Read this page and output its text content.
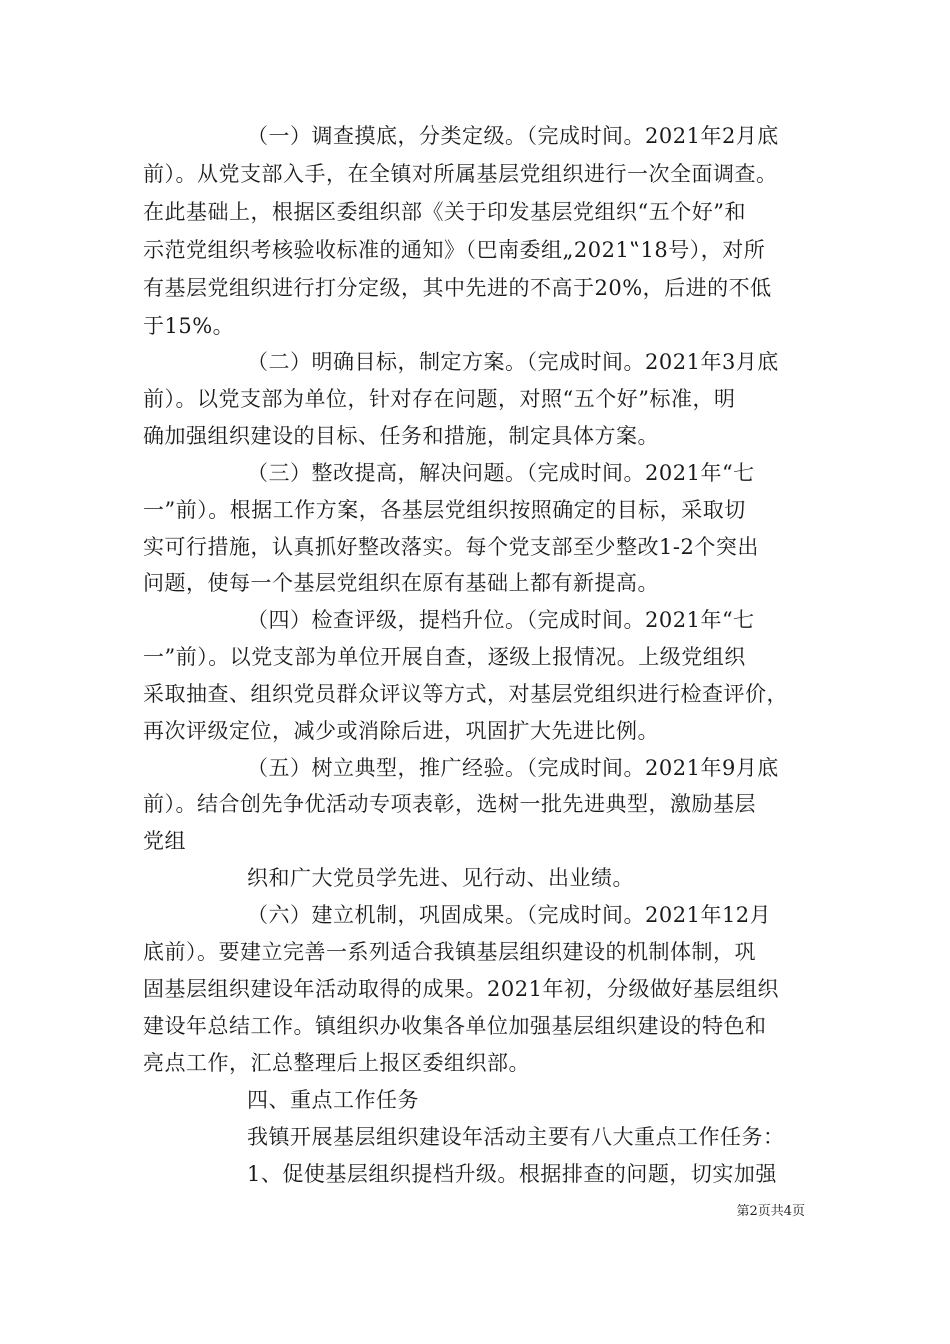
（一）调查摸底，分类定级。（完成时间。2021年2月底
前）。从党支部入手，在全镇对所属基层党组织进行一次全面调查。
在此基础上，根据区委组织部《关于印发基层党组织“五个好”和
示范党组织考核验收标准的通知》（巴南委组„2021‟18号），对所
有基层党组织进行打分定级，其中先进的不高于20%，后进的不低
于15%。
（二）明确目标，制定方案。（完成时间。2021年3月底
前）。以党支部为单位，针对存在问题，对照“五个好”标准，明
确加强组织建设的目标、任务和措施，制定具体方案。
（三）整改提高，解决问题。（完成时间。2021年“七
一”前）。根据工作方案，各基层党组织按照确定的目标，采取切
实可行措施，认真抓好整改落实。每个党支部至少整改1-2个突出
问题，使每一个基层党组织在原有基础上都有新提高。
（四）检查评级，提档升位。（完成时间。2021年“七
一”前）。以党支部为单位开展自查，逐级上报情况。上级党组织
采取抽查、组织党员群众评议等方式，对基层党组织进行检查评价，
再次评级定位，减少或消除后进，巩固扩大先进比例。
（五）树立典型，推广经验。（完成时间。2021年9月底
前）。结合创先争优活动专项表彰，选树一批先进典型，激励基层
党组
织和广大党员学先进、见行动、出业绩。
（六）建立机制，巩固成果。（完成时间。2021年12月
底前）。要建立完善一系列适合我镇基层组织建设的机制体制，巩
固基层组织建设年活动取得的成果。2021年初，分级做好基层组织
建设年总结工作。镇组织办收集各单位加强基层组织建设的特色和
亮点工作，汇总整理后上报区委组织部。
四、重点工作任务
我镇开展基层组织建设年活动主要有八大重点工作任务：
1、促使基层组织提档升级。根据排查的问题，切实加强
第2页共4页
